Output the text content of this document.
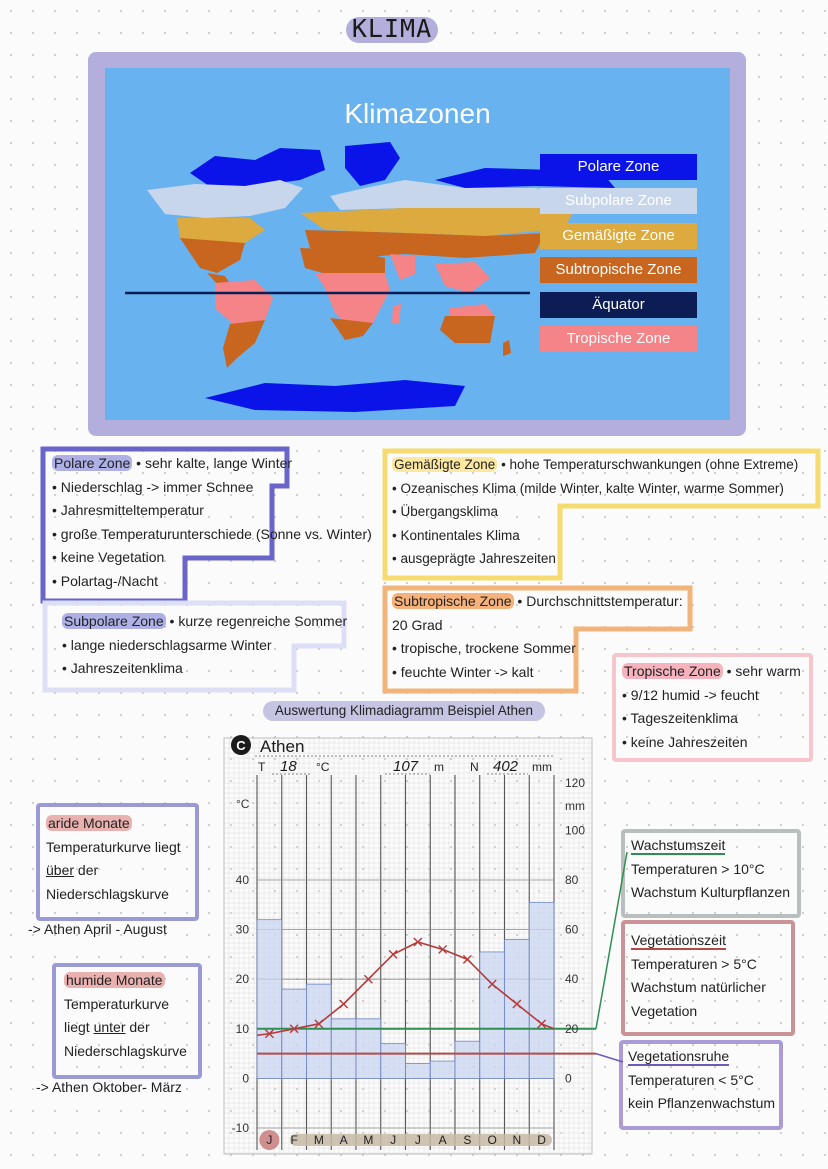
KLIMA
Klimazonen
Polare Zone
Subpolare Zone
Gemäßigte Zone
Subtropische Zone
Äquator
Tropische Zone
Polare Zone • sehr kalte, lange Winter
• Niederschlag -> immer Schnee
• Jahresmitteltemperatur
• große Temperaturunterschiede (Sonne vs. Winter)
• keine Vegetation
• Polartag-/Nacht
Subpolare Zone • kurze regenreiche Sommer
• lange niederschlagsarme Winter
• Jahreszeitenklima
Gemäßigte Zone • hohe Temperaturschwankungen (ohne Extreme)
• Ozeanisches Klima (milde Winter, kalte Winter, warme Sommer)
• Übergangsklima
• Kontinentales Klima
• ausgeprägte Jahreszeiten
Subtropische Zone • Durchschnittstemperatur:
20 Grad
• tropische, trockene Sommer
• feuchte Winter -> kalt	Tropische Zone • sehr warm
• 9/12 humid -> feucht
• Tageszeitenklima
• keine Jahreszeiten
Auswertung Klimadiagramm Beispiel Athen
aride Monate
Temperaturkurve liegt
über der
Niederschlagskurve
-> Athen April - August
humide Monate
Temperaturkurve
liegt unter der
Niederschlagskurve
-> Athen Oktober- März
Wachstumszeit
Temperaturen > 10°C
Wachstum Kulturpflanzen
Vegetationszeit
Temperaturen > 5°C
Wachstum natürlicher
Vegetation
Vegetationsruhe
Temperaturen < 5°C
kein Pflanzenwachstum
°C
-10
0
10
20
30
40
0
20
40
60
80
100
120
mm
J F M A M J J A S O N D
C Athen
T 18 °C	107 m N 402 mm
